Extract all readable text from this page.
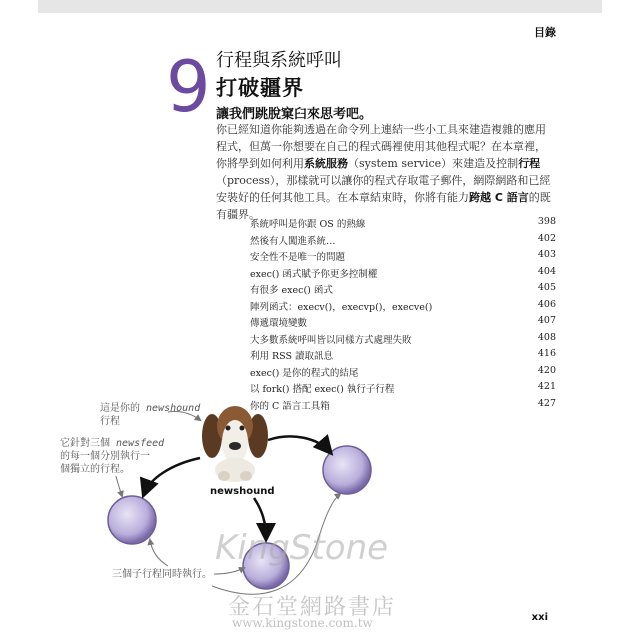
目錄
9 行程與系統呼叫
打破疆界
讓我們跳脫窠臼來思考吧。
你已經知道你能夠透過在命令列上連結一些小工具來建造複雜的應用程式，但萬一你想要在自己的程式碼裡使用其他程式呢？在本章裡，你將學到如何利用系統服務（system service）來建造及控制行程（process），那樣就可以讓你的程式存取電子郵件，網際網路和已經安裝好的任何其他工具。在本章結束時，你將有能力跨越 C 語言的既有疆界。
系統呼叫是你跟 OS 的熱線	398
然後有人闖進系統…	402
安全性不是唯一的問題	403
exec() 函式賦予你更多控制權	404
有很多 exec() 函式	405
陣列函式：execv()，execvp()，execve()	406
傳遞環境變數	407
大多數系統呼叫皆以同樣方式處理失敗	408
利用 RSS 讀取訊息	416
exec() 是你的程式的結尾	420
以 fork() 搭配 exec() 執行子行程	421
你的 C 語言工具箱	427
newshound
這是你的 newshound
行程
它針對三個 newsfeed
的每一個分別執行一
個獨立的行程。
三個子行程同時執行。
KingStone
金石堂網路書店
www.kingstone.com.tw	xxi
